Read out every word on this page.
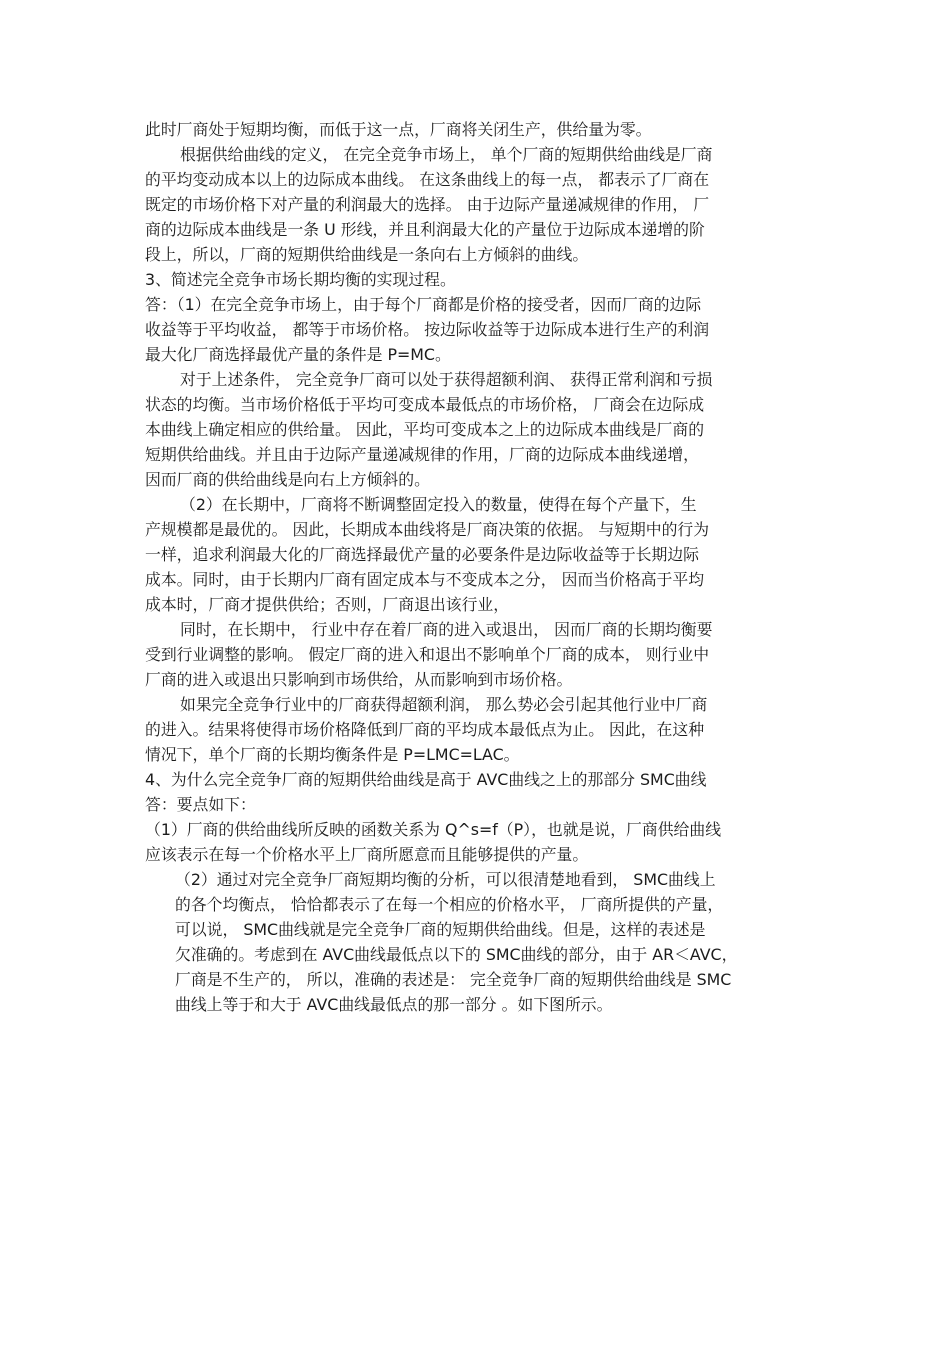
此时厂商处于短期均衡，而低于这一点，厂商将关闭生产，供给量为零。
根据供给曲线的定义， 在完全竞争市场上， 单个厂商的短期供给曲线是厂商
的平均变动成本以上的边际成本曲线。 在这条曲线上的每一点， 都表示了厂商在
既定的市场价格下对产量的利润最大的选择。 由于边际产量递减规律的作用， 厂
商的边际成本曲线是一条 U 形线，并且利润最大化的产量位于边际成本递增的阶
段上，所以，厂商的短期供给曲线是一条向右上方倾斜的曲线。
3、简述完全竞争市场长期均衡的实现过程。
答：（1）在完全竞争市场上，由于每个厂商都是价格的接受者，因而厂商的边际
收益等于平均收益， 都等于市场价格。 按边际收益等于边际成本进行生产的利润
最大化厂商选择最优产量的条件是 P=MC。
对于上述条件， 完全竞争厂商可以处于获得超额利润、 获得正常利润和亏损
状态的均衡。当市场价格低于平均可变成本最低点的市场价格， 厂商会在边际成
本曲线上确定相应的供给量。 因此，平均可变成本之上的边际成本曲线是厂商的
短期供给曲线。并且由于边际产量递减规律的作用，厂商的边际成本曲线递增，
因而厂商的供给曲线是向右上方倾斜的。
（2）在长期中，厂商将不断调整固定投入的数量，使得在每个产量下，生
产规模都是最优的。 因此，长期成本曲线将是厂商决策的依据。 与短期中的行为
一样，追求利润最大化的厂商选择最优产量的必要条件是边际收益等于长期边际
成本。同时，由于长期内厂商有固定成本与不变成本之分， 因而当价格高于平均
成本时，厂商才提供供给；否则，厂商退出该行业，
同时，在长期中， 行业中存在着厂商的进入或退出， 因而厂商的长期均衡要
受到行业调整的影响。 假定厂商的进入和退出不影响单个厂商的成本， 则行业中
厂商的进入或退出只影响到市场供给，从而影响到市场价格。
如果完全竞争行业中的厂商获得超额利润， 那么势必会引起其他行业中厂商
的进入。结果将使得市场价格降低到厂商的平均成本最低点为止。 因此，在这种
情况下，单个厂商的长期均衡条件是 P=LMC=LAC。
4、为什么完全竞争厂商的短期供给曲线是高于 AVC曲线之上的那部分 SMC曲线
答：要点如下：
（1）厂商的供给曲线所反映的函数关系为 Q^s=f（P），也就是说，厂商供给曲线
应该表示在每一个价格水平上厂商所愿意而且能够提供的产量。
（2）通过对完全竞争厂商短期均衡的分析，可以很清楚地看到， SMC曲线上
的各个均衡点， 恰恰都表示了在每一个相应的价格水平， 厂商所提供的产量，
可以说， SMC曲线就是完全竞争厂商的短期供给曲线。但是，这样的表述是
欠准确的。考虑到在 AVC曲线最低点以下的 SMC曲线的部分，由于 AR＜AVC，
厂商是不生产的， 所以，准确的表述是： 完全竞争厂商的短期供给曲线是 SMC
曲线上等于和大于 AVC曲线最低点的那一部分 。如下图所示。
